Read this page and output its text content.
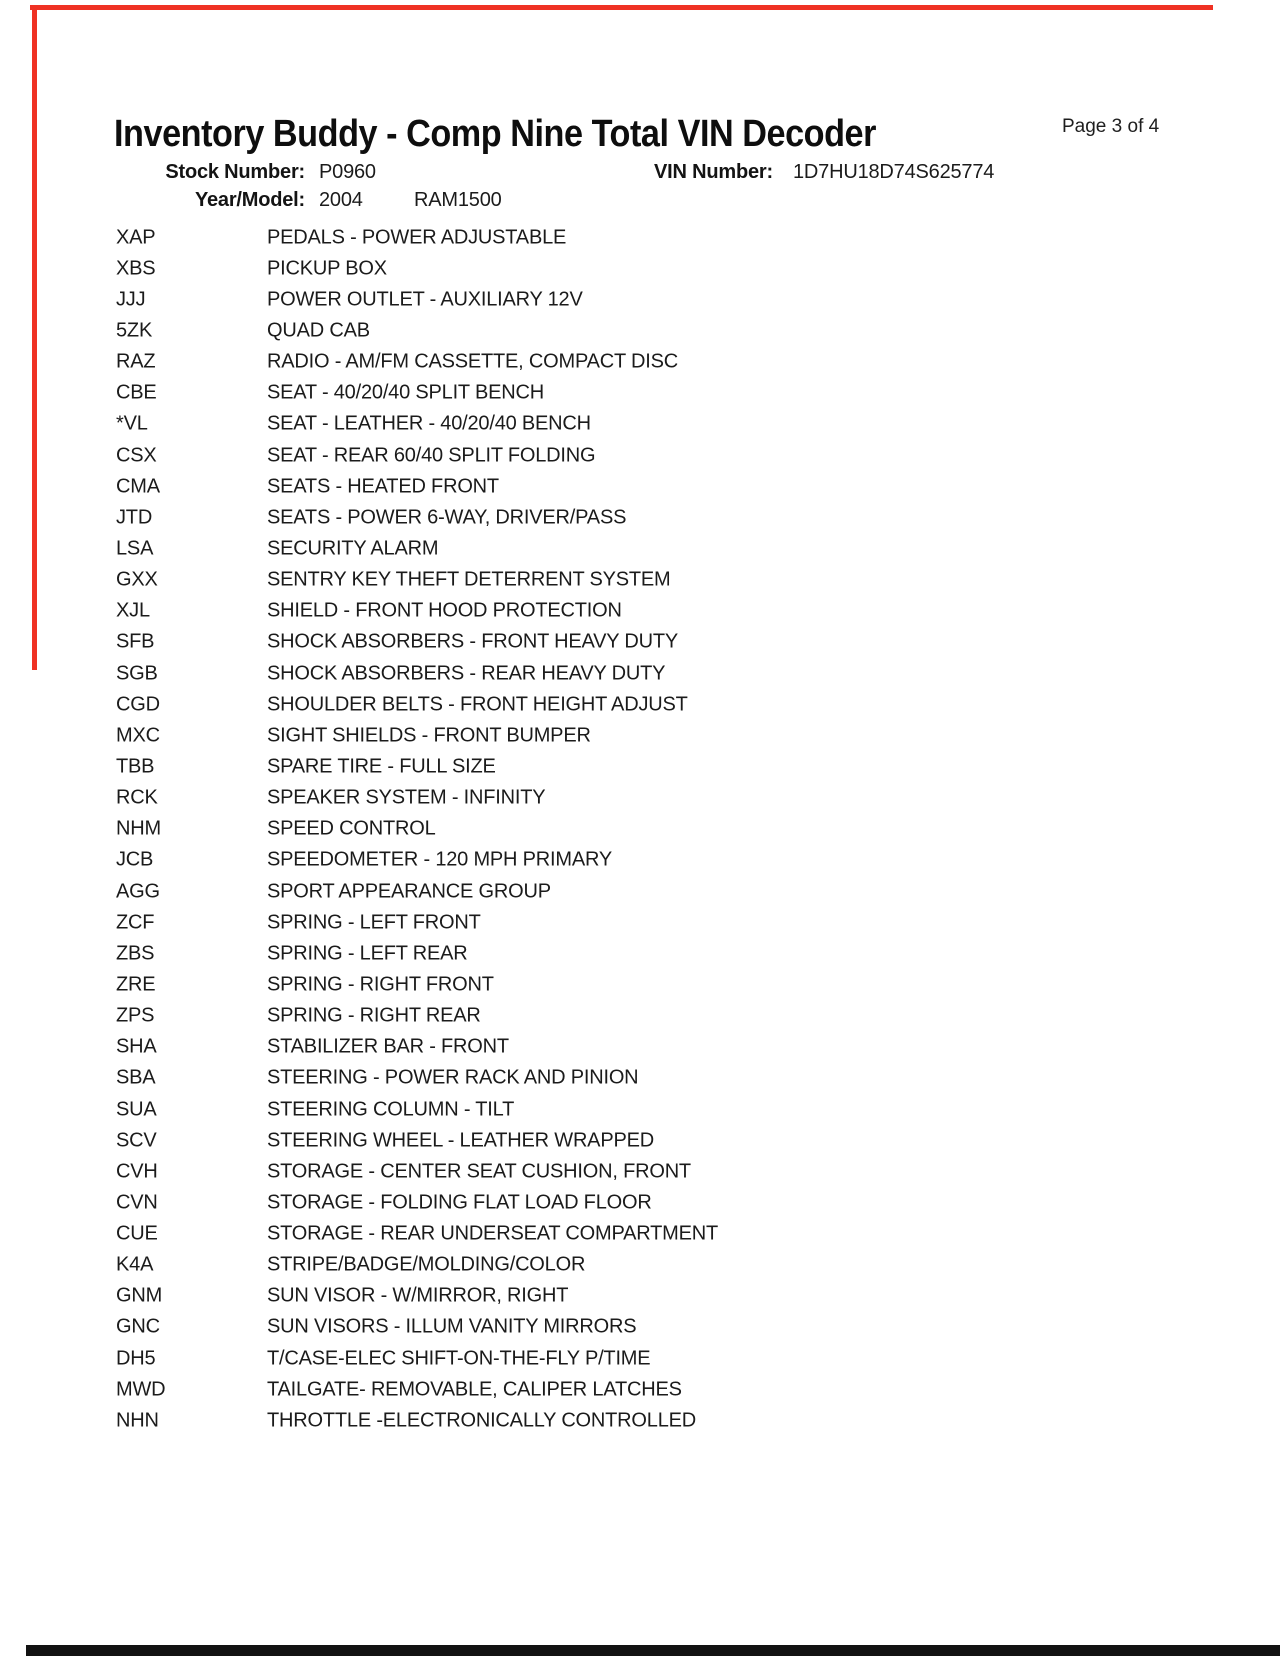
Inventory Buddy - Comp Nine Total VIN Decoder	Page 3 of 4
Stock Number: P0960	VIN Number: 1D7HU18D74S625774
Year/Model: 2004	RAM1500
XAP	PEDALS - POWER ADJUSTABLE
XBS	PICKUP BOX
JJJ	POWER OUTLET - AUXILIARY 12V
5ZK	QUAD CAB
RAZ	RADIO - AM/FM CASSETTE, COMPACT DISC
CBE	SEAT - 40/20/40 SPLIT BENCH
*VL	SEAT - LEATHER - 40/20/40 BENCH
CSX	SEAT - REAR 60/40 SPLIT FOLDING
CMA	SEATS - HEATED FRONT
JTD	SEATS - POWER 6-WAY, DRIVER/PASS
LSA	SECURITY ALARM
GXX	SENTRY KEY THEFT DETERRENT SYSTEM
XJL	SHIELD - FRONT HOOD PROTECTION
SFB	SHOCK ABSORBERS - FRONT HEAVY DUTY
SGB	SHOCK ABSORBERS - REAR HEAVY DUTY
CGD	SHOULDER BELTS - FRONT HEIGHT ADJUST
MXC	SIGHT SHIELDS - FRONT BUMPER
TBB	SPARE TIRE - FULL SIZE
RCK	SPEAKER SYSTEM - INFINITY
NHM	SPEED CONTROL
JCB	SPEEDOMETER - 120 MPH PRIMARY
AGG	SPORT APPEARANCE GROUP
ZCF	SPRING - LEFT FRONT
ZBS	SPRING - LEFT REAR
ZRE	SPRING - RIGHT FRONT
ZPS	SPRING - RIGHT REAR
SHA	STABILIZER BAR - FRONT
SBA	STEERING - POWER RACK AND PINION
SUA	STEERING COLUMN - TILT
SCV	STEERING WHEEL - LEATHER WRAPPED
CVH	STORAGE - CENTER SEAT CUSHION, FRONT
CVN	STORAGE - FOLDING FLAT LOAD FLOOR
CUE	STORAGE - REAR UNDERSEAT COMPARTMENT
K4A	STRIPE/BADGE/MOLDING/COLOR
GNM	SUN VISOR - W/MIRROR, RIGHT
GNC	SUN VISORS - ILLUM VANITY MIRRORS
DH5	T/CASE-ELEC SHIFT-ON-THE-FLY P/TIME
MWD	TAILGATE- REMOVABLE, CALIPER LATCHES
NHN	THROTTLE -ELECTRONICALLY CONTROLLED
